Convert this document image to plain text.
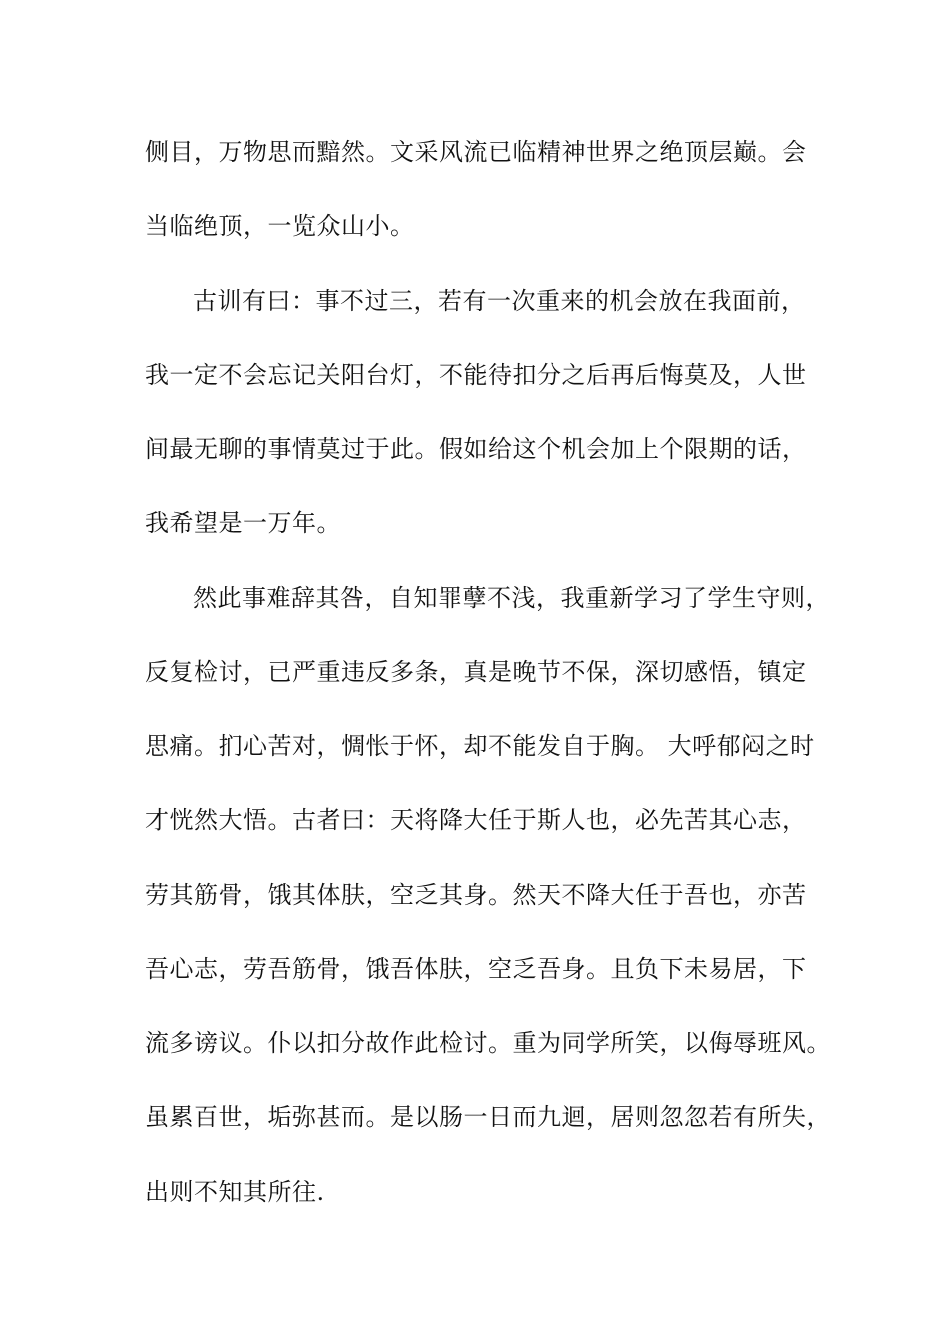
侧目，万物思而黯然。文采风流已临精神世界之绝顶层巅。会
当临绝顶，一览众山小。
古训有曰：事不过三，若有一次重来的机会放在我面前，
我一定不会忘记关阳台灯，不能待扣分之后再后悔莫及，人世
间最无聊的事情莫过于此。假如给这个机会加上个限期的话，
我希望是一万年。
然此事难辞其咎，自知罪孽不浅，我重新学习了学生守则，
反复检讨，已严重违反多条，真是晚节不保，深切感悟，镇定
思痛。扪心苦对，惆怅于怀，却不能发自于胸。 大呼郁闷之时
才恍然大悟。古者曰：天将降大任于斯人也，必先苦其心志，
劳其筋骨，饿其体肤，空乏其身。然天不降大任于吾也，亦苦
吾心志，劳吾筋骨，饿吾体肤，空乏吾身。且负下未易居，下
流多谤议。仆以扣分故作此检讨。重为同学所笑，以侮辱班风。
虽累百世，垢弥甚而。是以肠一日而九迴，居则忽忽若有所失，
出则不知其所往.
